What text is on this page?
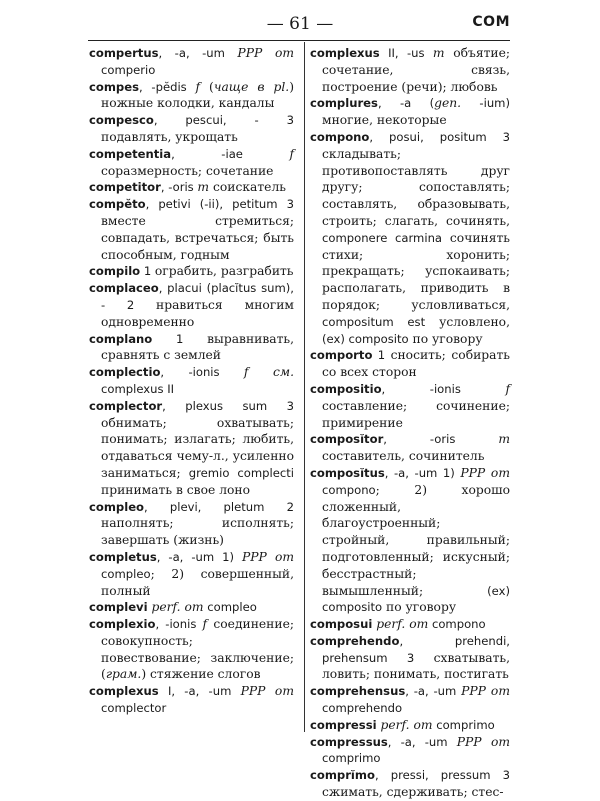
— 61 —	COM

compertus, -a, -um PPP от comperio

compes, -pĕdis f (чаще в pl.) ножные колодки, кандалы

compesco, pescui, - 3 подавлять, укрощать

competentia, -iae f соразмерность; сочетание

competitor, -oris m соискатель

compĕto, petivi (-ii), petitum 3 вместе стремиться; совпадать, встречаться; быть способным, годным

compilo 1 ограбить, разграбить

complaceo, placui (placĭtus sum), - 2 нравиться многим одновременно

complano 1 выравнивать, сравнять с землей

complectio, -ionis f см. complexus II

complector, plexus sum 3 обнимать; охватывать; понимать; излагать; любить, отдаваться чему-л., усиленно заниматься; gremio complecti принимать в свое лоно

compleo, plevi, pletum 2 наполнять; исполнять; завершать (жизнь)

completus, -a, -um 1) PPP от compleo; 2) совершенный, полный

complevi perf. от compleo

complexio, -ionis f соединение; совокупность; повествование; заключение; (грам.) стяжение слогов

complexus I, -a, -um PPP от complector

complexus II, -us m объятие; сочетание, связь, построение (речи); любовь

complures, -a (gen. -ium) многие, некоторые

compono, posui, positum 3 складывать; противопоставлять друг другу; сопоставлять; составлять, образовывать, строить; слагать, сочинять, componere carmina сочинять стихи; хоронить; прекращать; успокаивать; располагать, приводить в порядок; условливаться, compositum est условлено, (ex) composito по уговору

comporto 1 сносить; собирать со всех сторон

compositio, -ionis f составление; сочинение; примирение

composĭtor, -oris m составитель, сочинитель

composĭtus, -a, -um 1) PPP от compono; 2) хорошо сложенный, благоустроенный; стройный, правильный; подготовленный; искусный; бесстрастный; вымышленный; (ex) composito по уговору

composui perf. от compono

comprehendo, prehendi, prehensum 3 схватывать, ловить; понимать, постигать

comprehensus, -a, -um PPP от comprehendo

compressi perf. от comprimo

compressus, -a, -um PPP от comprimo

comprĭmo, pressi, pressum 3 сжимать, сдерживать; стес-
